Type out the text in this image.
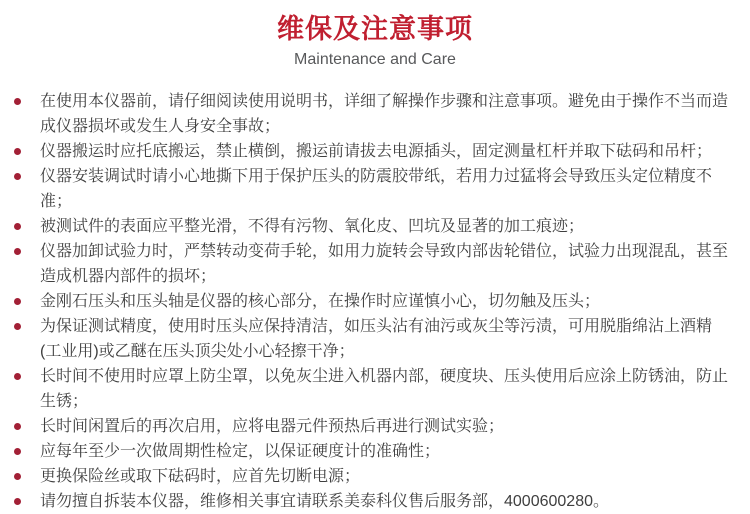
维保及注意事项
Maintenance and Care
在使用本仪器前，请仔细阅读使用说明书，详细了解操作步骤和注意事项。避免由于操作不当而造成仪器损坏或发生人身安全事故；
仪器搬运时应托底搬运，禁止横倒，搬运前请拔去电源插头，固定测量杠杆并取下砝码和吊杆；
仪器安装调试时请小心地撕下用于保护压头的防震胶带纸，若用力过猛将会导致压头定位精度不准；
被测试件的表面应平整光滑，不得有污物、氧化皮、凹坑及显著的加工痕迹；
仪器加卸试验力时，严禁转动变荷手轮，如用力旋转会导致内部齿轮错位，试验力出现混乱，甚至造成机器内部件的损坏；
金刚石压头和压头轴是仪器的核心部分，在操作时应谨慎小心，切勿触及压头；
为保证测试精度，使用时压头应保持清洁，如压头沾有油污或灰尘等污渍，可用脱脂绵沾上酒精(工业用)或乙醚在压头顶尖处小心轻擦干净；
长时间不使用时应罩上防尘罩，以免灰尘进入机器内部，硬度块、压头使用后应涂上防锈油，防止生锈；
长时间闲置后的再次启用，应将电器元件预热后再进行测试实验；
应每年至少一次做周期性检定，以保证硬度计的准确性；
更换保险丝或取下砝码时，应首先切断电源；
请勿擅自拆装本仪器，维修相关事宜请联系美泰科仪售后服务部，4000600280。
